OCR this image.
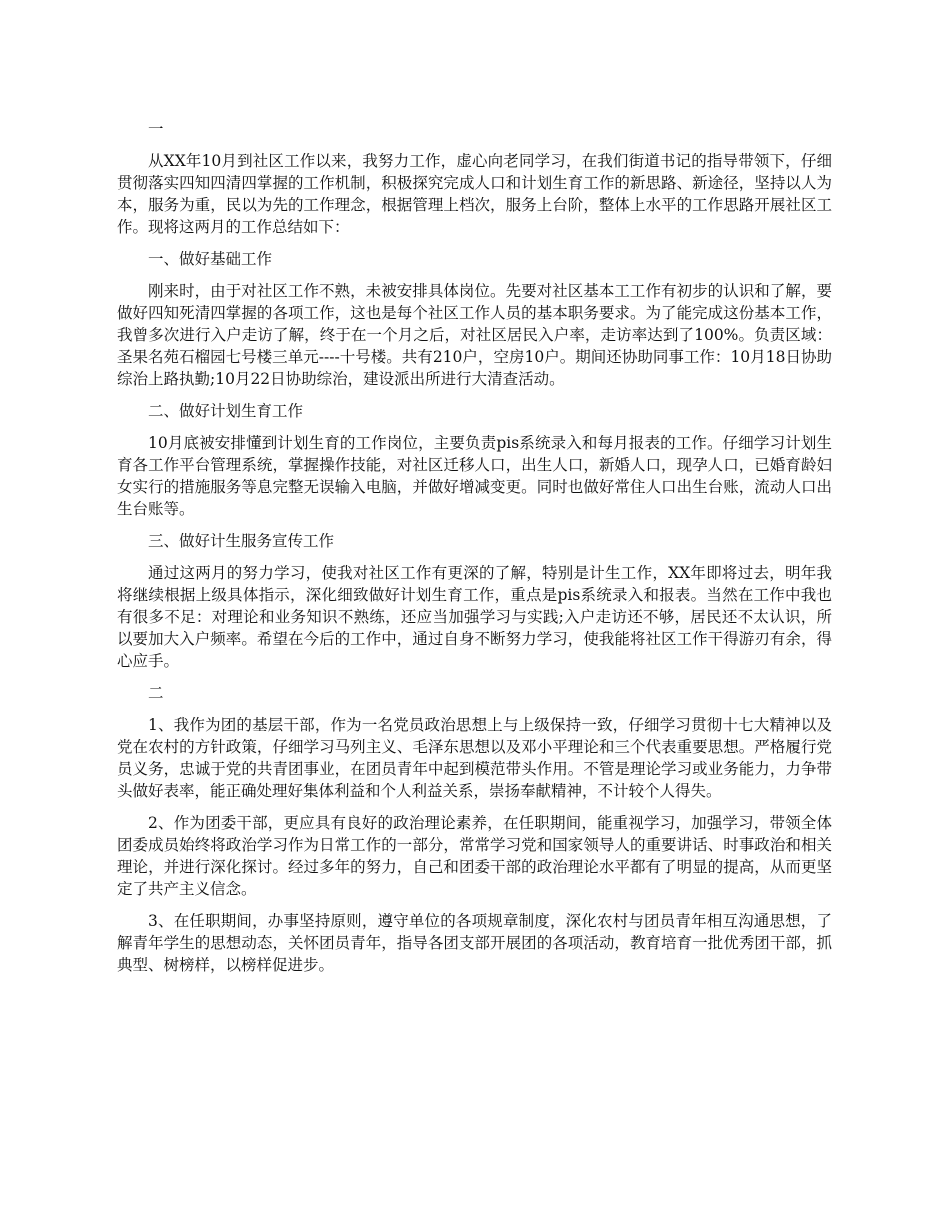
一

从XX年10月到社区工作以来，我努力工作，虚心向老同学习，在我们街道书记的指导带领下，仔细贯彻落实四知四清四掌握的工作机制，积极探究完成人口和计划生育工作的新思路、新途径，坚持以人为本，服务为重，民以为先的工作理念，根据管理上档次，服务上台阶，整体上水平的工作思路开展社区工作。现将这两月的工作总结如下：

一、做好基础工作

刚来时，由于对社区工作不熟，未被安排具体岗位。先要对社区基本工工作有初步的认识和了解，要做好四知死清四掌握的各项工作，这也是每个社区工作人员的基本职务要求。为了能完成这份基本工作，我曾多次进行入户走访了解，终于在一个月之后，对社区居民入户率，走访率达到了100%。负责区域：圣果名苑石榴园七号楼三单元----十号楼。共有210户，空房10户。期间还协助同事工作：10月18日协助综治上路执勤;10月22日协助综治，建设派出所进行大清查活动。

二、做好计划生育工作

10月底被安排懂到计划生育的工作岗位，主要负责pis系统录入和每月报表的工作。仔细学习计划生育各工作平台管理系统，掌握操作技能，对社区迁移人口，出生人口，新婚人口，现孕人口，已婚育龄妇女实行的措施服务等息完整无误输入电脑，并做好增减变更。同时也做好常住人口出生台账，流动人口出生台账等。

三、做好计生服务宣传工作

通过这两月的努力学习，使我对社区工作有更深的了解，特别是计生工作，XX年即将过去，明年我将继续根据上级具体指示，深化细致做好计划生育工作，重点是pis系统录入和报表。当然在工作中我也有很多不足：对理论和业务知识不熟练，还应当加强学习与实践;入户走访还不够，居民还不太认识，所以要加大入户频率。希望在今后的工作中，通过自身不断努力学习，使我能将社区工作干得游刃有余，得心应手。

二

1、我作为团的基层干部，作为一名党员政治思想上与上级保持一致，仔细学习贯彻十七大精神以及党在农村的方针政策，仔细学习马列主义、毛泽东思想以及邓小平理论和三个代表重要思想。严格履行党员义务，忠诚于党的共青团事业，在团员青年中起到模范带头作用。不管是理论学习或业务能力，力争带头做好表率，能正确处理好集体利益和个人利益关系，崇扬奉献精神，不计较个人得失。

2、作为团委干部，更应具有良好的政治理论素养，在任职期间，能重视学习，加强学习，带领全体团委成员始终将政治学习作为日常工作的一部分，常常学习党和国家领导人的重要讲话、时事政治和相关理论，并进行深化探讨。经过多年的努力，自己和团委干部的政治理论水平都有了明显的提高，从而更坚定了共产主义信念。

3、在任职期间，办事坚持原则，遵守单位的各项规章制度，深化农村与团员青年相互沟通思想，了解青年学生的思想动态，关怀团员青年，指导各团支部开展团的各项活动，教育培育一批优秀团干部，抓典型、树榜样，以榜样促进步。
